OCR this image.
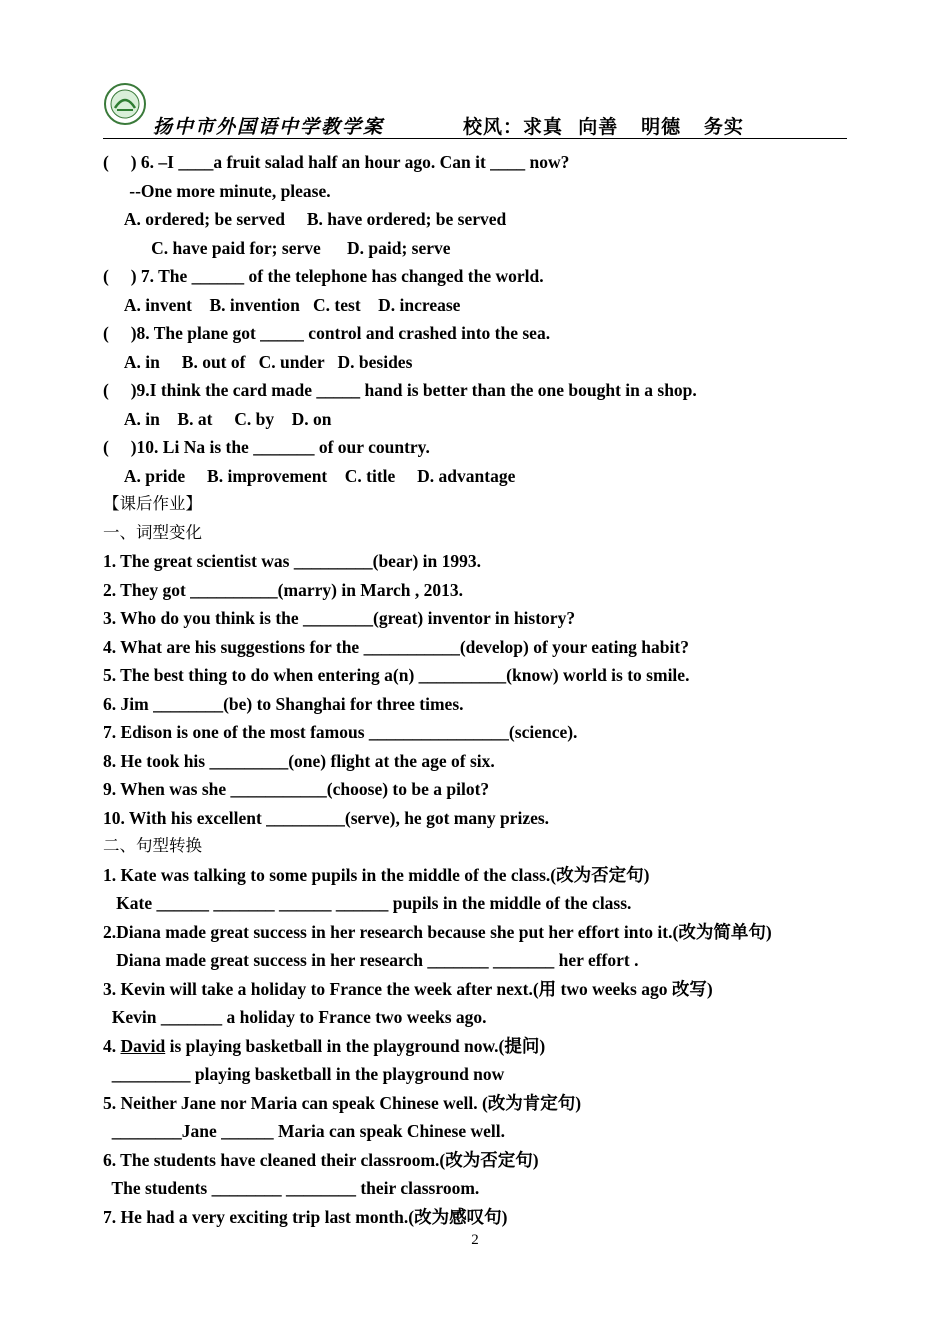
扬中市外国语中学教学案	校风：求真  向善   明德   务实
(     ) 6. –I ____a fruit salad half an hour ago. Can it ____ now?
--One more minute, please.
A. ordered; be served     B. have ordered; be served
C. have paid for; serve      D. paid; serve
(     ) 7. The ______ of the telephone has changed the world.
A. invent    B. invention   C. test    D. increase
(     )8. The plane got _____ control and crashed into the sea.
A. in     B. out of   C. under   D. besides
(     )9.I think the card made _____ hand is better than the one bought in a shop.
A. in    B. at     C. by    D. on
(     )10. Li Na is the _______ of our country.
A. pride     B. improvement    C. title     D. advantage
【课后作业】
一、词型变化
1. The great scientist was _________(bear) in 1993.
2. They got __________(marry) in March , 2013.
3. Who do you think is the ________(great) inventor in history?
4. What are his suggestions for the ___________(develop) of your eating habit?
5. The best thing to do when entering a(n) __________(know) world is to smile.
6. Jim ________(be) to Shanghai for three times.
7. Edison is one of the most famous ________________(science).
8. He took his _________(one) flight at the age of six.
9. When was she ___________(choose) to be a pilot?
10. With his excellent _________(serve), he got many prizes.
二、句型转换
1. Kate was talking to some pupils in the middle of the class.(改为否定句)
Kate ______ _______ ______ ______ pupils in the middle of the class.
2.Diana made great success in her research because she put her effort into it.(改为简单句)
Diana made great success in her research _______ _______ her effort .
3. Kevin will take a holiday to France the week after next.(用 two weeks ago 改写)
Kevin _______ a holiday to France two weeks ago.
4. David is playing basketball in the playground now.(提问)
_________ playing basketball in the playground now
5. Neither Jane nor Maria can speak Chinese well. (改为肯定句)
________Jane ______ Maria can speak Chinese well.
6. The students have cleaned their classroom.(改为否定句)
The students ________ ________ their classroom.
7. He had a very exciting trip last month.(改为感叹句)
2
